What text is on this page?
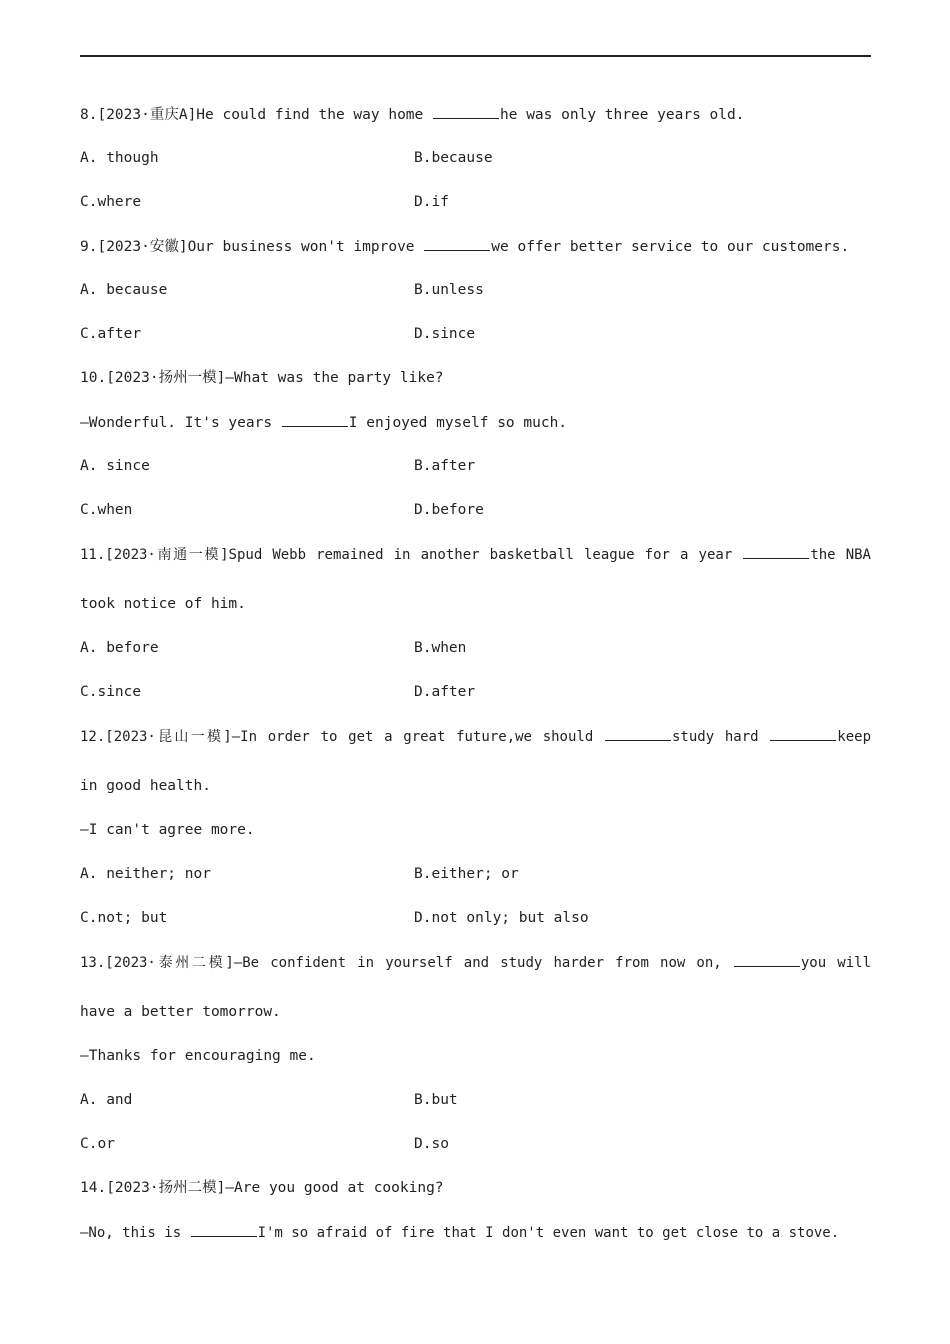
8.[2023·重庆A]He could find the way home	he was only three years old.
A. though	B.because
C.where	D.if
9.[2023·安徽]Our business won't improve	we offer better service to our customers.
A. because	B.unless
C.after	D.since
10.[2023·扬州一模]—What was the party like?
—Wonderful. It's years	I enjoyed myself so much.
A. since	B.after
C.when	D.before
11.[2023·南通一模]Spud Webb remained in another basketball league for a year	the NBA
took notice of him.
A. before	B.when
C.since	D.after
12.[2023·昆山一模]—In order to get a great future,we should	study hard	keep
in good health.
—I can't agree more.
A. neither; nor	B.either; or
C.not; but	D.not only; but also
13.[2023·泰州二模]—Be confident in yourself and study harder from now on,	you will
have a better tomorrow.
—Thanks for encouraging me.
A. and	B.but
C.or	D.so
14.[2023·扬州二模]—Are you good at cooking?
—No, this is	I'm so afraid of fire that I don't even want to get close to a stove.
